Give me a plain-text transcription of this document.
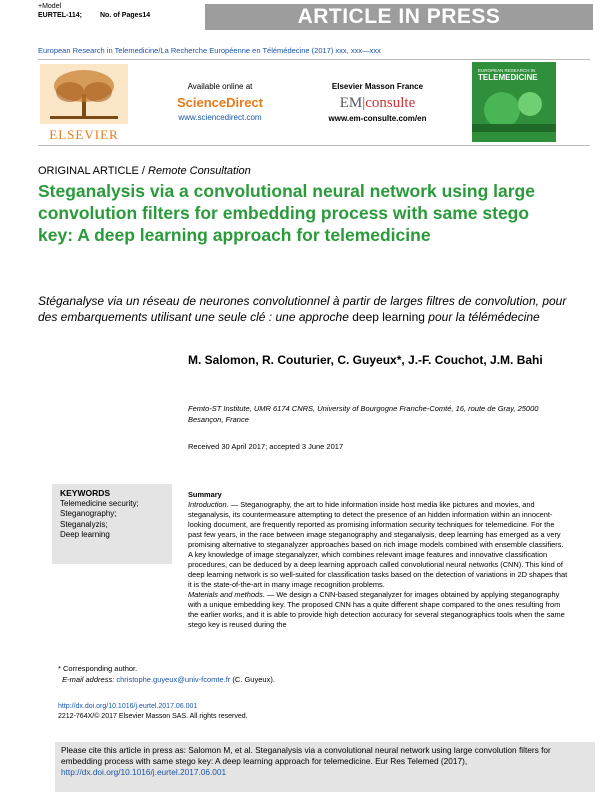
+Model
EURTEL-114;	No. of Pages14	ARTICLE IN PRESS
European Research in Telemedicine/La Recherche Européenne en Télémédecine (2017) xxx, xxx—xxx
ELSEVIER
Available online at
ScienceDirect
www.sciencedirect.com
Elsevier Masson France
EM|consulte
www.em-consulte.com/en
EUROPEAN RESEARCH IN
TELEMEDICINE
ORIGINAL ARTICLE / Remote Consultation
Steganalysis via a convolutional neural network using large convolution filters for embedding process with same stego key: A deep learning approach for telemedicine
Stéganalyse via un réseau de neurones convolutionnel à partir de larges filtres de convolution, pour des embarquements utilisant une seule clé : une approche deep learning pour la télémédecine
M. Salomon, R. Couturier, C. Guyeux*, J.-F. Couchot, J.M. Bahi
Femto-ST Institute, UMR 6174 CNRS, University of Bourgogne Franche-Comté, 16, route de Gray, 25000 Besançon, France
Received 30 April 2017; accepted 3 June 2017
KEYWORDS
Telemedicine security;
Steganography;
Steganalyzis;
Deep learning
Summary
Introduction. — Steganography, the art to hide information inside host media like pictures and movies, and steganalysis, its countermeasure attempting to detect the presence of an hidden information within an innocent-looking document, are frequently reported as promising information security techniques for telemedicine. For the past few years, in the race between image steganography and steganalysis, deep learning has emerged as a very promising alternative to steganalyzer approaches based on rich image models combined with ensemble classifiers. A key knowledge of image steganalyzer, which combines relevant image features and innovative classification procedures, can be deduced by a deep learning approach called convolutional neural networks (CNN). This kind of deep learning network is so well-suited for classification tasks based on the detection of variations in 2D shapes that it is the state-of-the-art in many image recognition problems.
Materials and methods. — We design a CNN-based steganalyzer for images obtained by applying steganography with a unique embedding key. The proposed CNN has a quite different shape compared to the ones resulting from the earlier works, and it is able to provide high detection accuracy for several steganographics tools when the same stego key is reused during the
* Corresponding author.
E-mail address: christophe.guyeux@univ-fcomte.fr (C. Guyeux).
http://dx.doi.org/10.1016/j.eurtel.2017.06.001
2212-764X/© 2017 Elsevier Masson SAS. All rights reserved.
Please cite this article in press as: Salomon M, et al. Steganalysis via a convolutional neural network using large convolution filters for embedding process with same stego key: A deep learning approach for telemedicine. Eur Res Telemed (2017), http://dx.doi.org/10.1016/j.eurtel.2017.06.001
